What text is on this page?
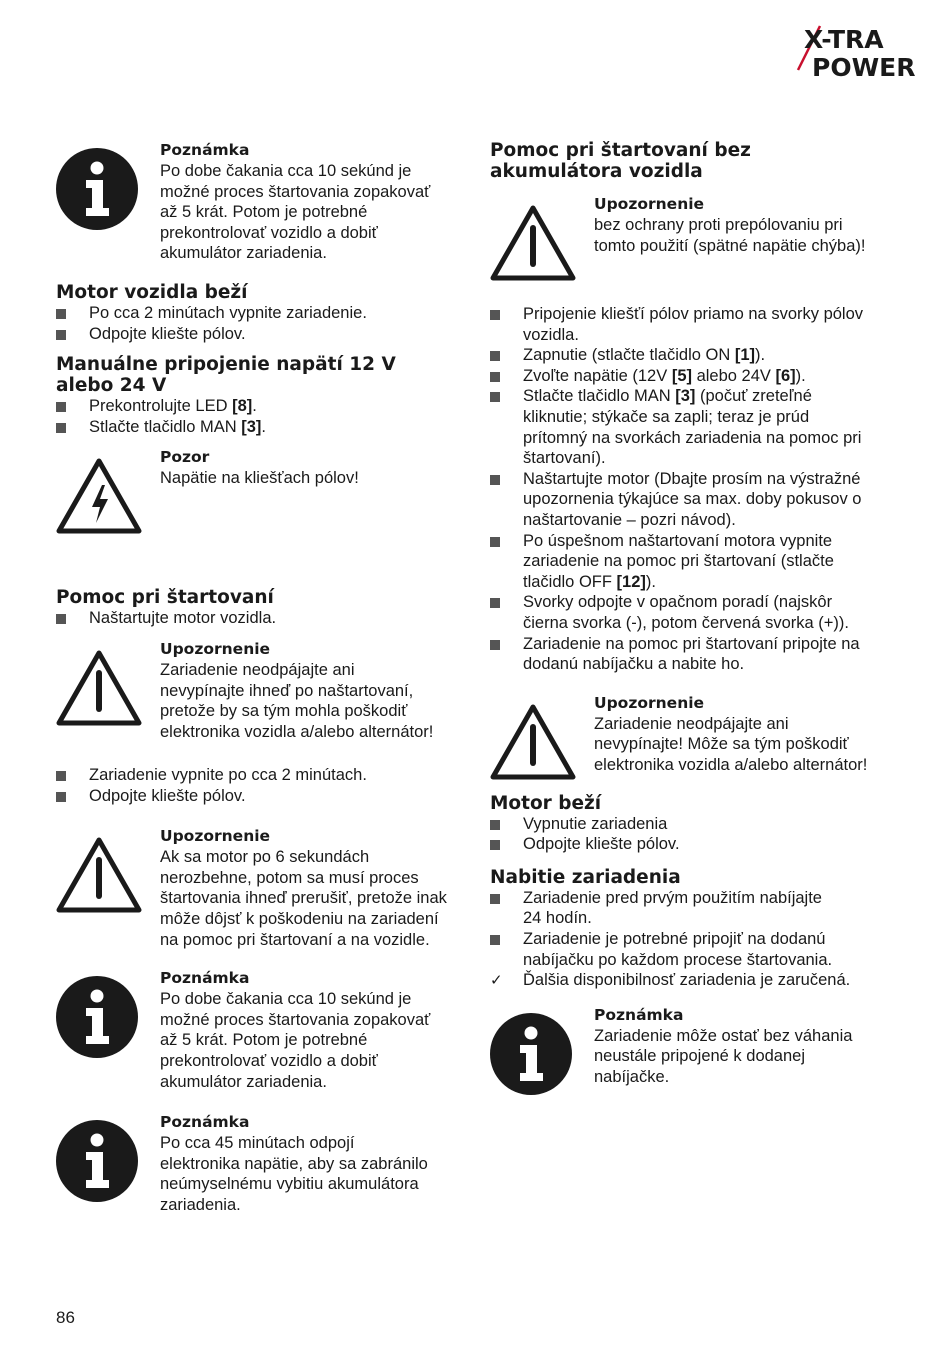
X-TRA
POWER
Poznámka
Po dobe čakania cca 10 sekúnd je
možné proces štartovania zopakovať
až 5 krát. Potom je potrebné
prekontrolovať vozidlo a dobiť
akumulátor zariadenia.
Motor vozidla beží
Po cca 2 minútach vypnite zariadenie.
Odpojte kliešte pólov.
Manuálne pripojenie napätí 12 V
alebo 24 V
Prekontrolujte LED [8].
Stlačte tlačidlo MAN [3].
Pozor
Napätie na kliešťach pólov!
Pomoc pri štartovaní
Naštartujte motor vozidla.
Upozornenie
Zariadenie neodpájajte ani
nevypínajte ihneď po naštartovaní,
pretože by sa tým mohla poškodiť
elektronika vozidla a/alebo alternátor!
Zariadenie vypnite po cca 2 minútach.
Odpojte kliešte pólov.
Upozornenie
Ak sa motor po 6 sekundách
nerozbehne, potom sa musí proces
štartovania ihneď prerušiť, pretože inak
môže dôjsť k poškodeniu na zariadení
na pomoc pri štartovaní a na vozidle.
Poznámka
Po dobe čakania cca 10 sekúnd je
možné proces štartovania zopakovať
až 5 krát. Potom je potrebné
prekontrolovať vozidlo a dobiť
akumulátor zariadenia.
Poznámka
Po cca 45 minútach odpojí
elektronika napätie, aby sa zabránilo
neúmyselnému vybitiu akumulátora
zariadenia.
Pomoc pri štartovaní bez
akumulátora vozidla
Upozornenie
bez ochrany proti prepólovaniu pri
tomto použití (spätné napätie chýba)!
Pripojenie kliešťí pólov priamo na svorky pólov
vozidla.
Zapnutie (stlačte tlačidlo ON [1]).
Zvoľte napätie (12V [5] alebo 24V [6]).
Stlačte tlačidlo MAN [3] (počuť zreteľné
kliknutie; stýkače sa zapli; teraz je prúd
prítomný na svorkách zariadenia na pomoc pri
štartovaní).
Naštartujte motor (Dbajte prosím na výstražné
upozornenia týkajúce sa max. doby pokusov o
naštartovanie – pozri návod).
Po úspešnom naštartovaní motora vypnite
zariadenie na pomoc pri štartovaní (stlačte
tlačidlo OFF [12]).
Svorky odpojte v opačnom poradí (najskôr
čierna svorka (-), potom červená svorka (+)).
Zariadenie na pomoc pri štartovaní pripojte na
dodanú nabíjačku a nabite ho.
Upozornenie
Zariadenie neodpájajte ani
nevypínajte! Môže sa tým poškodiť
elektronika vozidla a/alebo alternátor!
Motor beží
Vypnutie zariadenia
Odpojte kliešte pólov.
Nabitie zariadenia
Zariadenie pred prvým použitím nabíjajte
24 hodín.
Zariadenie je potrebné pripojiť na dodanú
nabíjačku po každom procese štartovania.
✓ Ďalšia disponibilnosť zariadenia je zaručená.
Poznámka
Zariadenie môže ostať bez váhania
neustále pripojené k dodanej
nabíjačke.
86
